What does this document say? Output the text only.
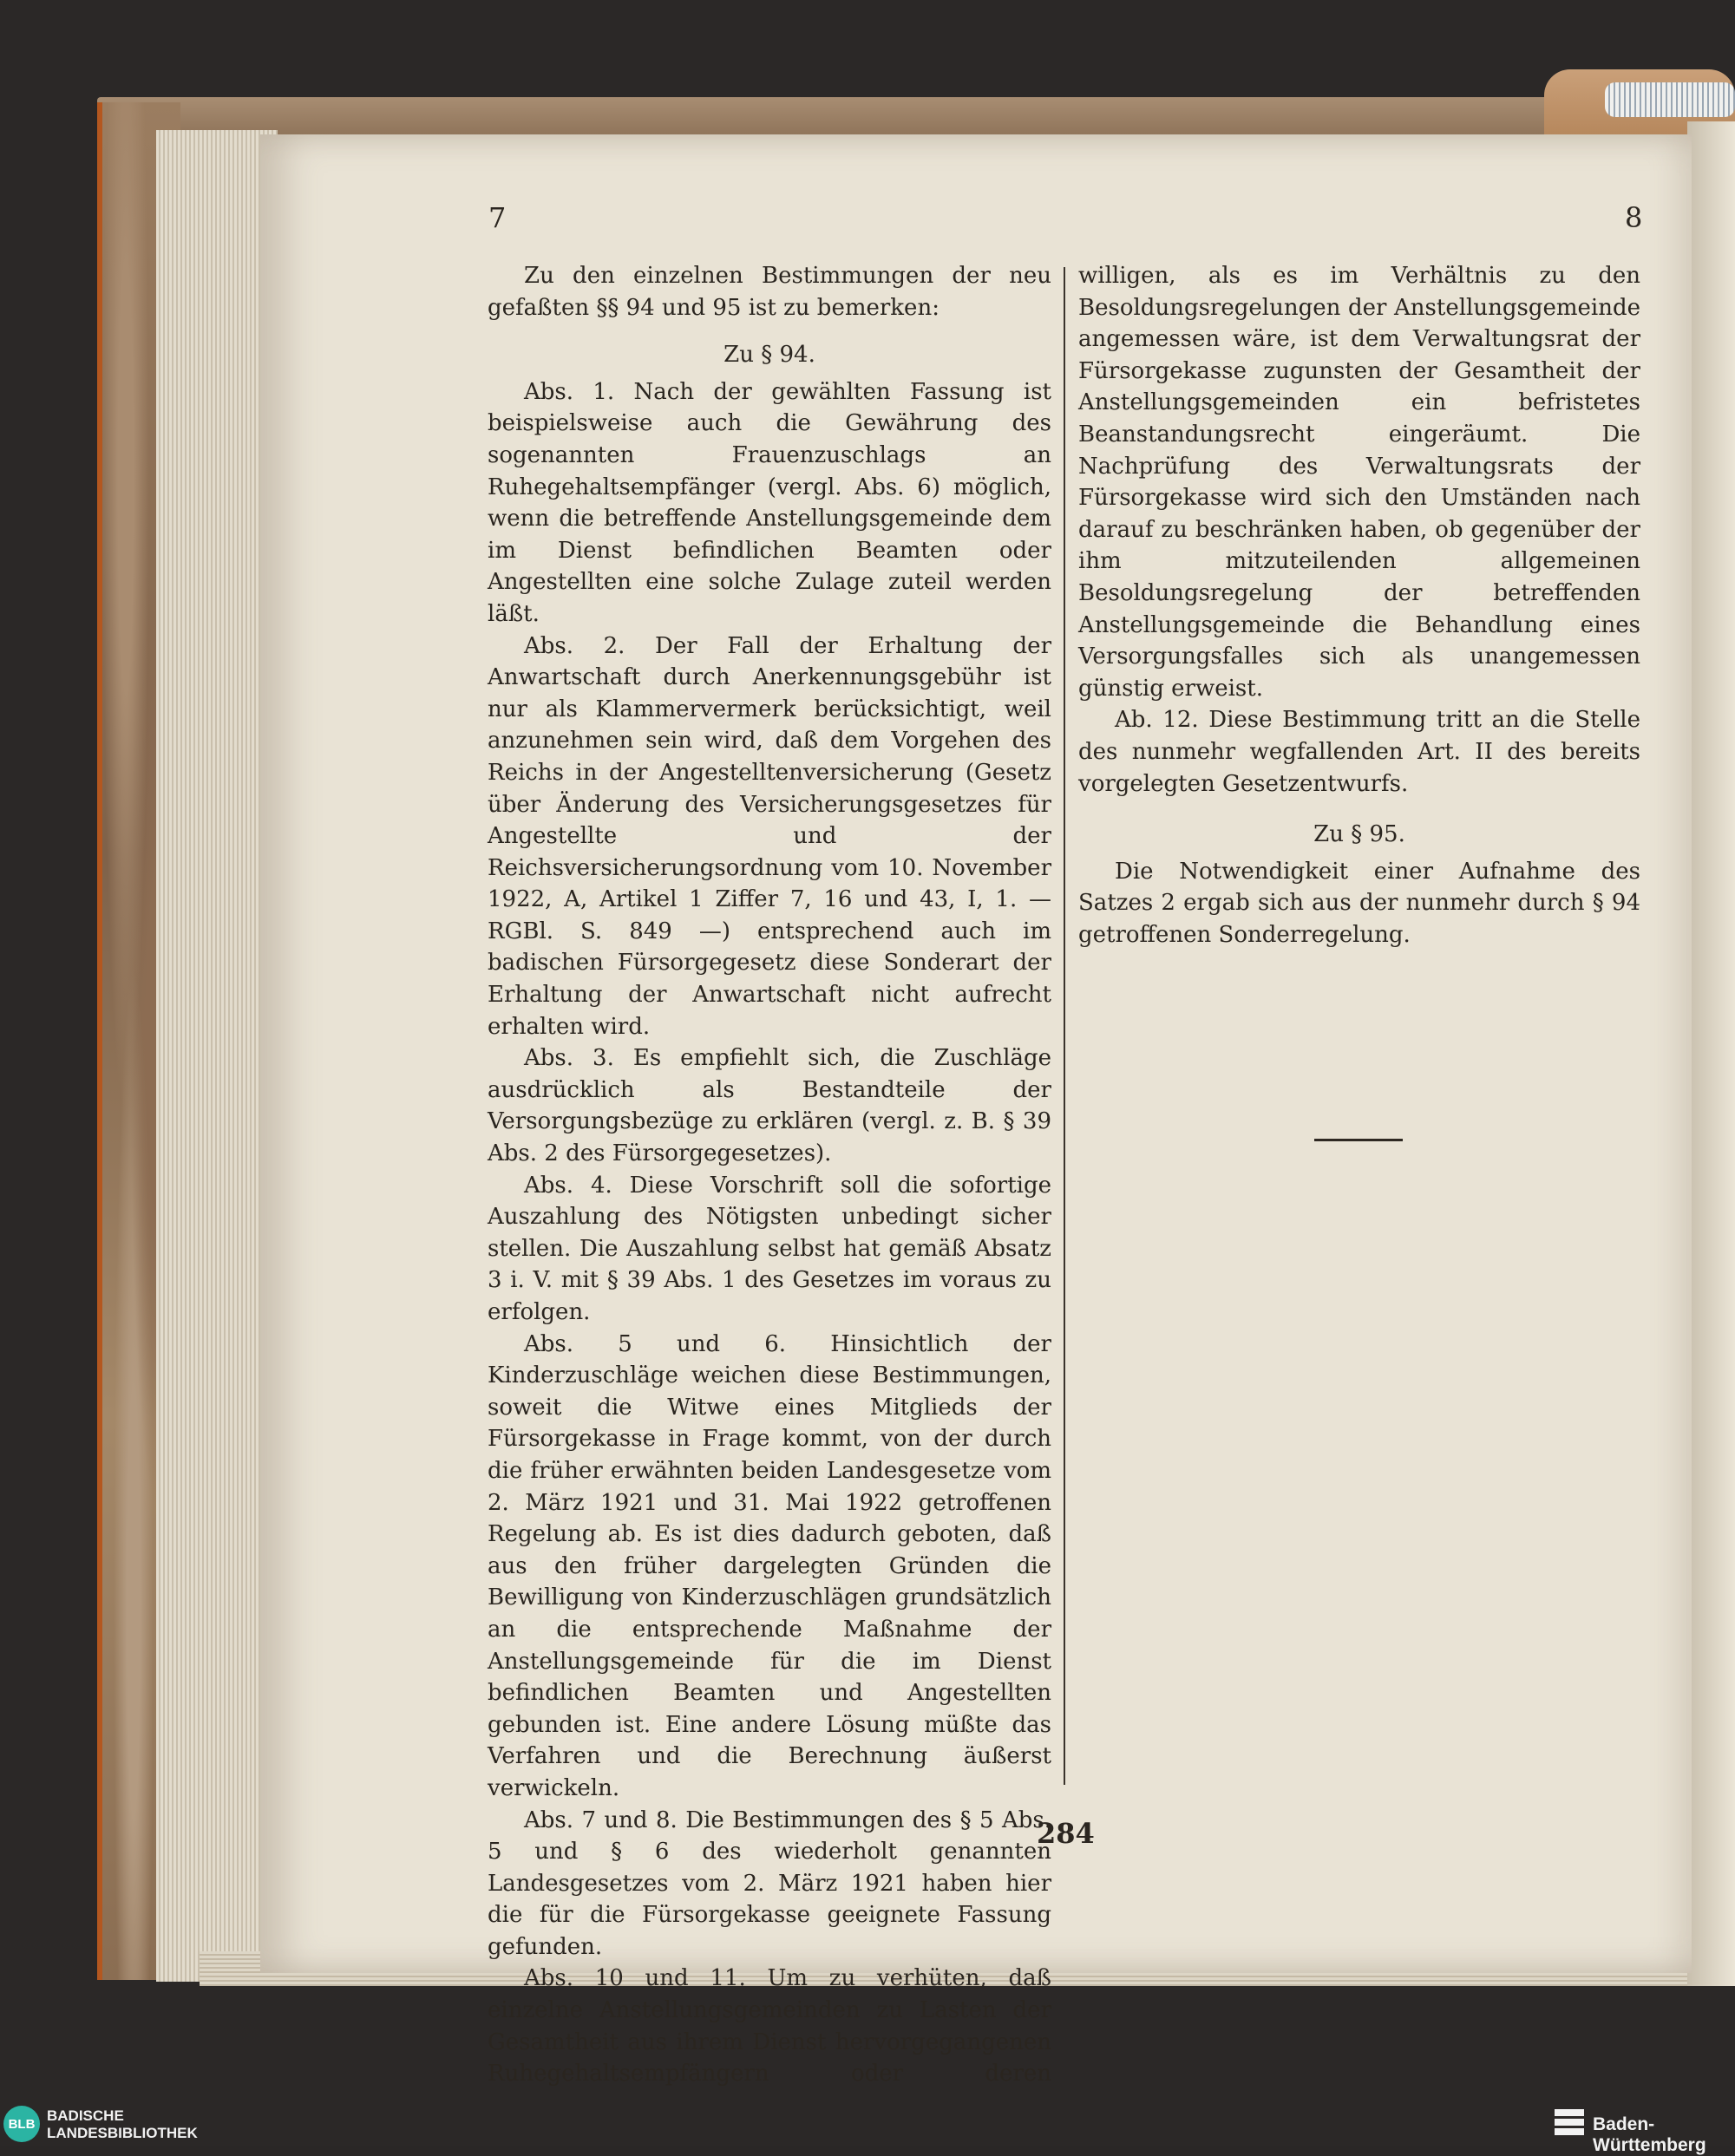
7	8

Zu den einzelnen Bestimmungen der neu gefaßten §§ 94 und 95 ist zu bemerken:

Zu § 94.

Abs. 1. Nach der gewählten Fassung ist beispielsweise auch die Gewährung des sogenannten Frauenzuschlags an Ruhegehaltsempfänger (vergl. Abs. 6) möglich, wenn die betreffende Anstellungsgemeinde dem im Dienst befindlichen Beamten oder Angestellten eine solche Zulage zuteil werden läßt.

Abs. 2. Der Fall der Erhaltung der Anwartschaft durch Anerkennungsgebühr ist nur als Klammervermerk berücksichtigt, weil anzunehmen sein wird, daß dem Vorgehen des Reichs in der Angestelltenversicherung (Gesetz über Änderung des Versicherungsgesetzes für Angestellte und der Reichsversicherungsordnung vom 10. November 1922, A, Artikel 1 Ziffer 7, 16 und 43, I, 1. — RGBl. S. 849 —) entsprechend auch im badischen Fürsorgegesetz diese Sonderart der Erhaltung der Anwartschaft nicht aufrecht erhalten wird.

Abs. 3. Es empfiehlt sich, die Zuschläge ausdrücklich als Bestandteile der Versorgungsbezüge zu erklären (vergl. z. B. § 39 Abs. 2 des Fürsorgegesetzes).

Abs. 4. Diese Vorschrift soll die sofortige Auszahlung des Nötigsten unbedingt sicher stellen. Die Auszahlung selbst hat gemäß Absatz 3 i. V. mit § 39 Abs. 1 des Gesetzes im voraus zu erfolgen.

Abs. 5 und 6. Hinsichtlich der Kinderzuschläge weichen diese Bestimmungen, soweit die Witwe eines Mitglieds der Fürsorgekasse in Frage kommt, von der durch die früher erwähnten beiden Landesgesetze vom 2. März 1921 und 31. Mai 1922 getroffenen Regelung ab. Es ist dies dadurch geboten, daß aus den früher dargelegten Gründen die Bewilligung von Kinderzuschlägen grundsätzlich an die entsprechende Maßnahme der Anstellungsgemeinde für die im Dienst befindlichen Beamten und Angestellten gebunden ist. Eine andere Lösung müßte das Verfahren und die Berechnung äußerst verwickeln.

Abs. 7 und 8. Die Bestimmungen des § 5 Abs. 5 und § 6 des wiederholt genannten Landesgesetzes vom 2. März 1921 haben hier die für die Fürsorgekasse geeignete Fassung gefunden.

Abs. 10 und 11. Um zu verhüten, daß einzelne Anstellungsgemeinden zu Lasten der Gesamtheit aus ihrem Dienst hervorgegangenen Ruhegehaltsempfängern oder deren

willigen, als es im Verhältnis zu den Besoldungsregelungen der Anstellungsgemeinde angemessen wäre, ist dem Verwaltungsrat der Fürsorgekasse zugunsten der Gesamtheit der Anstellungsgemeinden ein befristetes Beanstandungsrecht eingeräumt. Die Nachprüfung des Verwaltungsrats der Fürsorgekasse wird sich den Umständen nach darauf zu beschränken haben, ob gegenüber der ihm mitzuteilenden allgemeinen Besoldungsregelung der betreffenden Anstellungsgemeinde die Behandlung eines Versorgungsfalles sich als unangemessen günstig erweist.

Ab. 12. Diese Bestimmung tritt an die Stelle des nunmehr wegfallenden Art. II des bereits vorgelegten Gesetzentwurfs.

Zu § 95.

Die Notwendigkeit einer Aufnahme des Satzes 2 ergab sich aus der nunmehr durch § 94 getroffenen Sonderregelung.

284
BLB BADISCHE
LANDESBIBLIOTHEK	Baden-Württemberg
